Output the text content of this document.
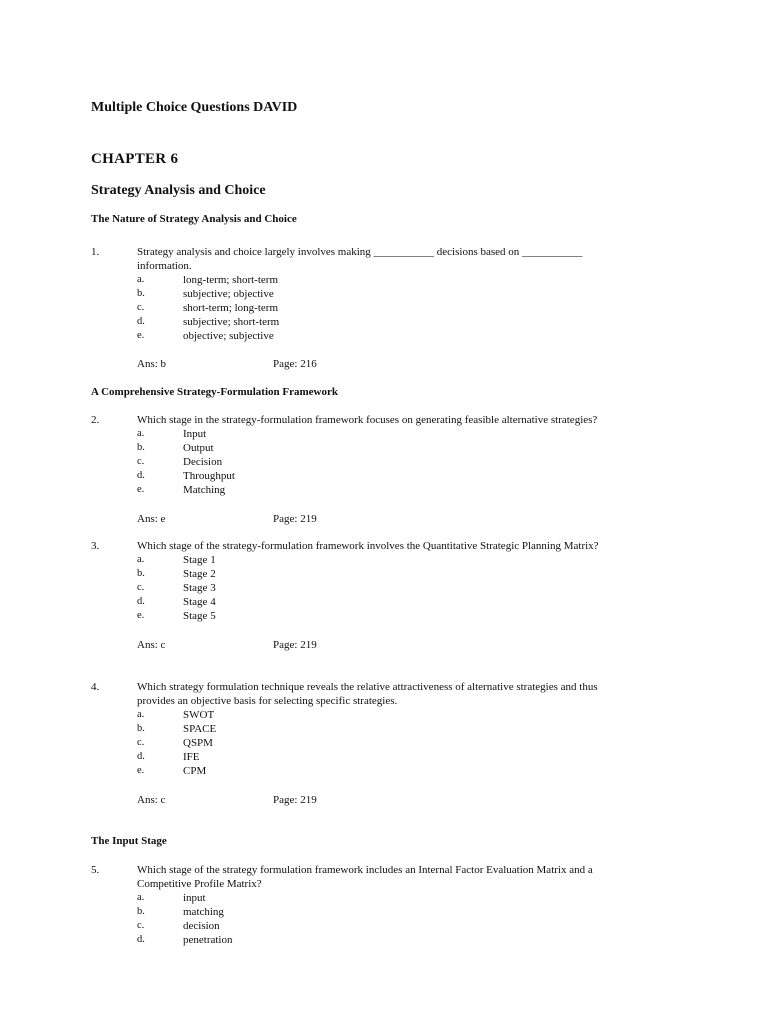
Multiple Choice Questions DAVID
CHAPTER 6
Strategy Analysis and Choice
The Nature of Strategy Analysis and Choice
1.	Strategy analysis and choice largely involves making ___________ decisions based on ___________
information.
a.	long-term; short-term
b.	subjective; objective
c.	short-term; long-term
d.	subjective; short-term
e.	objective; subjective
Ans: b	Page: 216
A Comprehensive Strategy-Formulation Framework
2.	Which stage in the strategy-formulation framework focuses on generating feasible alternative strategies?
a.	Input
b.	Output
c.	Decision
d.	Throughput
e.	Matching
Ans: e	Page: 219
3.	Which stage of the strategy-formulation framework involves the Quantitative Strategic Planning Matrix?
a.	Stage 1
b.	Stage 2
c.	Stage 3
d.	Stage 4
e.	Stage 5
Ans: c	Page: 219
4.	Which strategy formulation technique reveals the relative attractiveness of alternative strategies and thus
provides an objective basis for selecting specific strategies.
a.	SWOT
b.	SPACE
c.	QSPM
d.	IFE
e.	CPM
Ans: c	Page: 219
The Input Stage
5.	Which stage of the strategy formulation framework includes an Internal Factor Evaluation Matrix and a
Competitive Profile Matrix?
a.	input
b.	matching
c.	decision
d.	penetration
